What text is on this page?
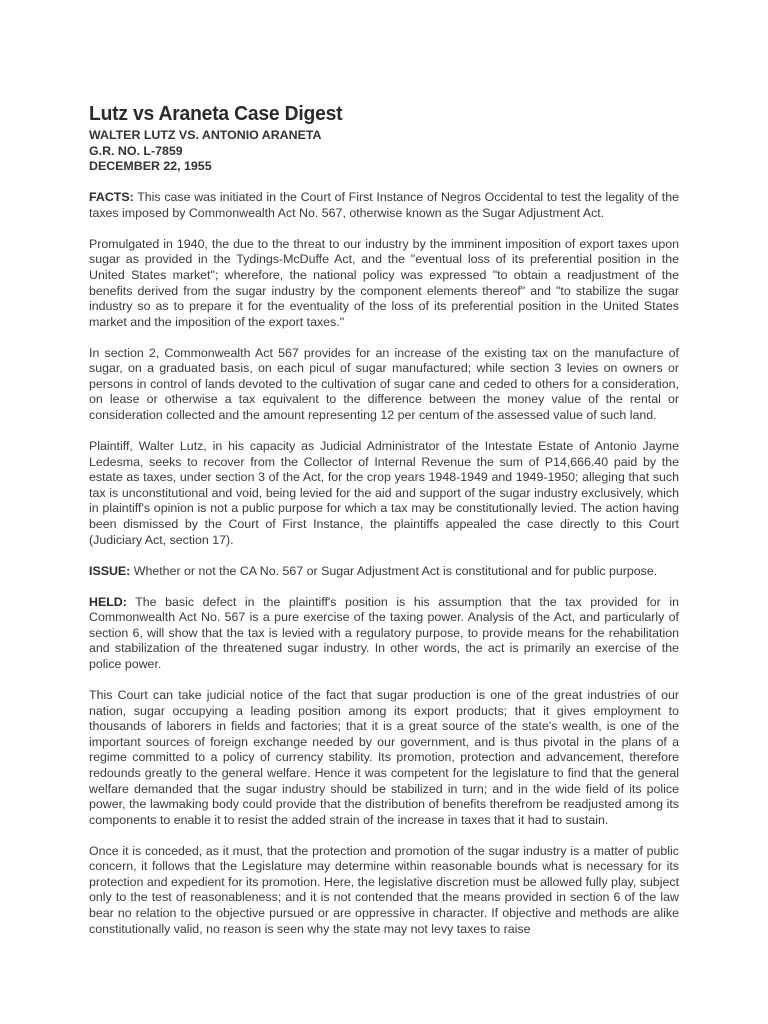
Lutz vs Araneta Case Digest
WALTER LUTZ VS. ANTONIO ARANETA
G.R. NO. L-7859
DECEMBER 22, 1955

FACTS: This case was initiated in the Court of First Instance of Negros Occidental to test the legality of the taxes imposed by Commonwealth Act No. 567, otherwise known as the Sugar Adjustment Act.

Promulgated in 1940, the due to the threat to our industry by the imminent imposition of export taxes upon sugar as provided in the Tydings-McDuffe Act, and the "eventual loss of its preferential position in the United States market"; wherefore, the national policy was expressed "to obtain a readjustment of the benefits derived from the sugar industry by the component elements thereof" and "to stabilize the sugar industry so as to prepare it for the eventuality of the loss of its preferential position in the United States market and the imposition of the export taxes."

In section 2, Commonwealth Act 567 provides for an increase of the existing tax on the manufacture of sugar, on a graduated basis, on each picul of sugar manufactured; while section 3 levies on owners or persons in control of lands devoted to the cultivation of sugar cane and ceded to others for a consideration, on lease or otherwise a tax equivalent to the difference between the money value of the rental or consideration collected and the amount representing 12 per centum of the assessed value of such land.

Plaintiff, Walter Lutz, in his capacity as Judicial Administrator of the Intestate Estate of Antonio Jayme Ledesma, seeks to recover from the Collector of Internal Revenue the sum of P14,666.40 paid by the estate as taxes, under section 3 of the Act, for the crop years 1948-1949 and 1949-1950; alleging that such tax is unconstitutional and void, being levied for the aid and support of the sugar industry exclusively, which in plaintiff's opinion is not a public purpose for which a tax may be constitutionally levied. The action having been dismissed by the Court of First Instance, the plaintiffs appealed the case directly to this Court (Judiciary Act, section 17).

ISSUE: Whether or not the CA No. 567 or Sugar Adjustment Act is constitutional and for public purpose.

HELD: The basic defect in the plaintiff's position is his assumption that the tax provided for in Commonwealth Act No. 567 is a pure exercise of the taxing power. Analysis of the Act, and particularly of section 6, will show that the tax is levied with a regulatory purpose, to provide means for the rehabilitation and stabilization of the threatened sugar industry. In other words, the act is primarily an exercise of the police power.

This Court can take judicial notice of the fact that sugar production is one of the great industries of our nation, sugar occupying a leading position among its export products; that it gives employment to thousands of laborers in fields and factories; that it is a great source of the state's wealth, is one of the important sources of foreign exchange needed by our government, and is thus pivotal in the plans of a regime committed to a policy of currency stability. Its promotion, protection and advancement, therefore redounds greatly to the general welfare. Hence it was competent for the legislature to find that the general welfare demanded that the sugar industry should be stabilized in turn; and in the wide field of its police power, the lawmaking body could provide that the distribution of benefits therefrom be readjusted among its components to enable it to resist the added strain of the increase in taxes that it had to sustain.

Once it is conceded, as it must, that the protection and promotion of the sugar industry is a matter of public concern, it follows that the Legislature may determine within reasonable bounds what is necessary for its protection and expedient for its promotion. Here, the legislative discretion must be allowed fully play, subject only to the test of reasonableness; and it is not contended that the means provided in section 6 of the law bear no relation to the objective pursued or are oppressive in character. If objective and methods are alike constitutionally valid, no reason is seen why the state may not levy taxes to raise
